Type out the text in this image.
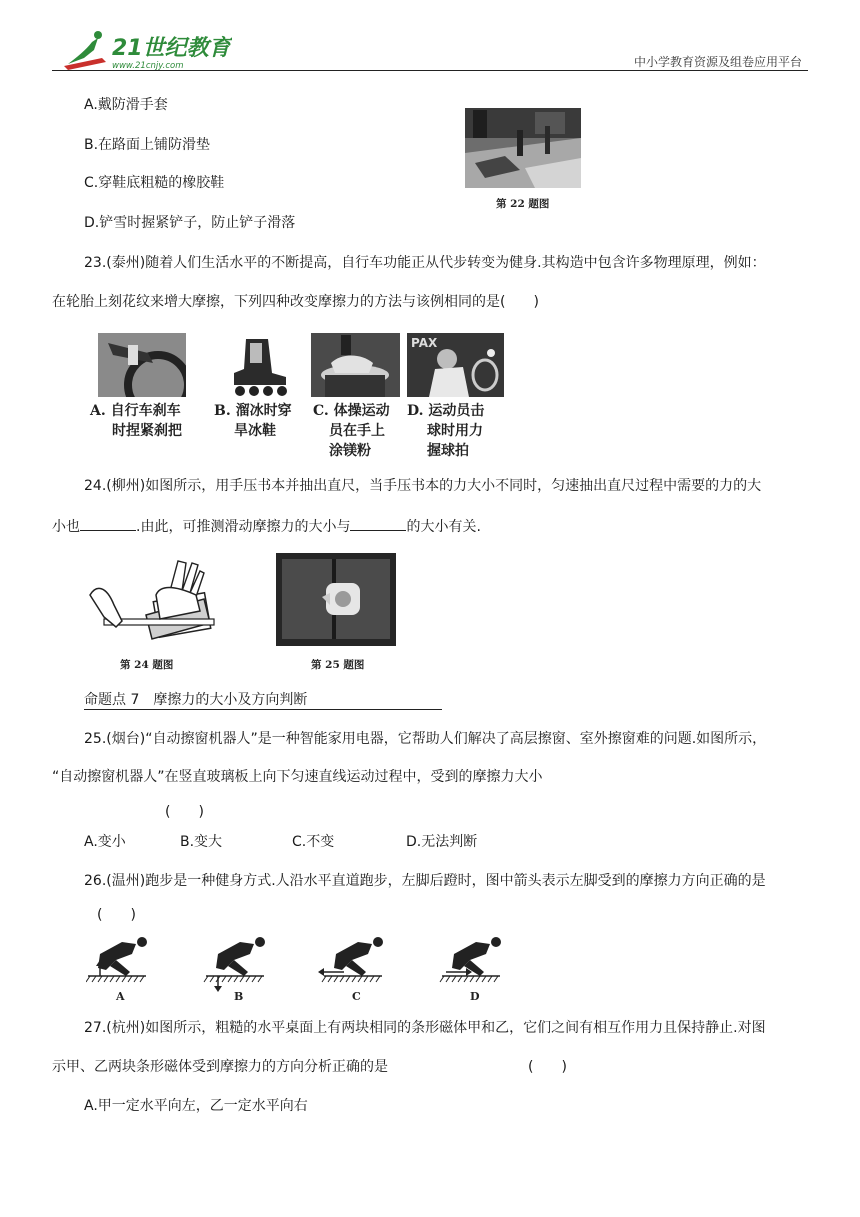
21世纪教育
www.21cnjy.com	中小学教育资源及组卷应用平台
A.戴防滑手套
B.在路面上铺防滑垫
C.穿鞋底粗糙的橡胶鞋
D.铲雪时握紧铲子，防止铲子滑落
第 22 题图
23.(泰州)随着人们生活水平的不断提高，自行车功能正从代步转变为健身.其构造中包含许多物理原理，例如：
在轮胎上刻花纹来增大摩擦，下列四种改变摩擦力的方法与该例相同的是(　　)
PAX
A. 自行车刹车
时捏紧刹把
B. 溜冰时穿
旱冰鞋
C. 体操运动
员在手上
涂镁粉
D. 运动员击
球时用力
握球拍
24.(柳州)如图所示，用手压书本并抽出直尺，当手压书本的力大小不同时，匀速抽出直尺过程中需要的力的大
小也	.由此，可推测滑动摩擦力的大小与	的大小有关.
第 24 题图	第 25 题图
命题点 7　摩擦力的大小及方向判断
25.(烟台)“自动擦窗机器人”是一种智能家用电器，它帮助人们解决了高层擦窗、室外擦窗难的问题.如图所示，
“自动擦窗机器人”在竖直玻璃板上向下匀速直线运动过程中，受到的摩擦力大小
(　　)
A.变小	B.变大	C.不变	D.无法判断
26.(温州)跑步是一种健身方式.人沿水平直道跑步，左脚后蹬时，图中箭头表示左脚受到的摩擦力方向正确的是
(　　)
A	B	C	D
27.(杭州)如图所示，粗糙的水平桌面上有两块相同的条形磁体甲和乙，它们之间有相互作用力且保持静止.对图
示甲、乙两块条形磁体受到摩擦力的方向分析正确的是	(　　)
A.甲一定水平向左，乙一定水平向右
